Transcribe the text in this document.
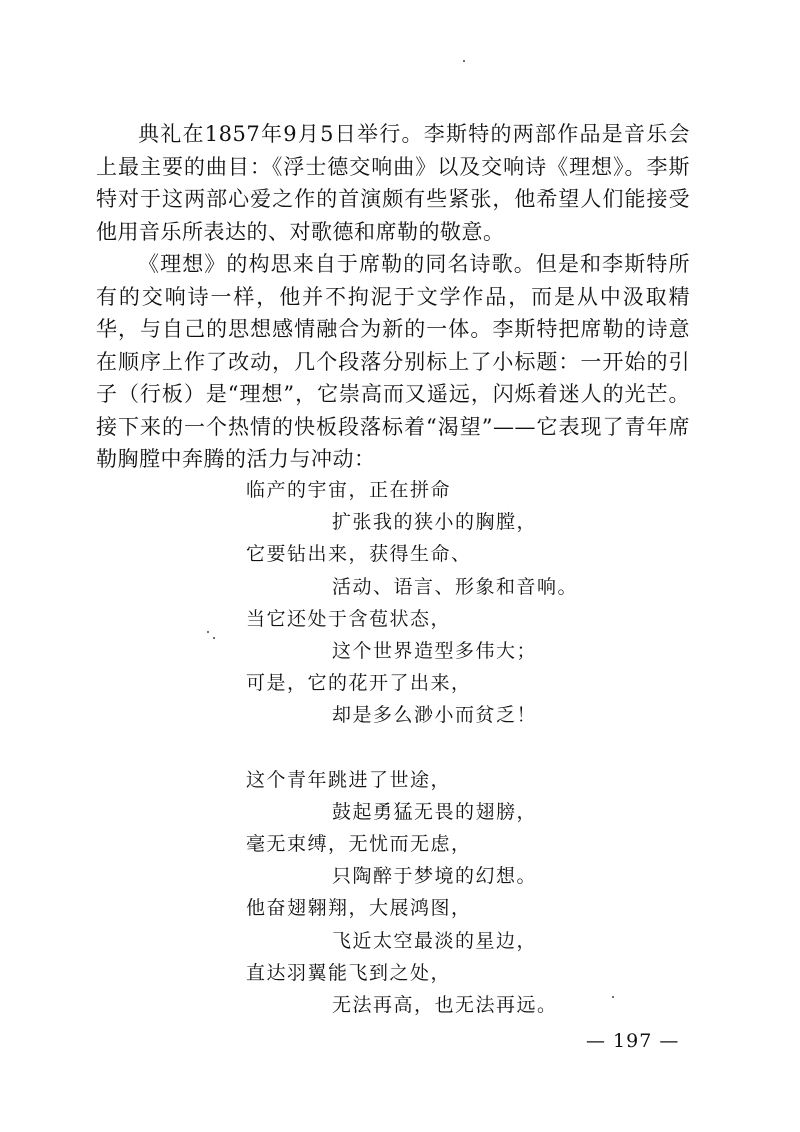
典礼在1857年9月5日举行。李斯特的两部作品是音乐会上最主要的曲目：《浮士德交响曲》以及交响诗《理想》。李斯特对于这两部心爱之作的首演颇有些紧张，他希望人们能接受他用音乐所表达的、对歌德和席勒的敬意。

《理想》的构思来自于席勒的同名诗歌。但是和李斯特所有的交响诗一样，他并不拘泥于文学作品，而是从中汲取精华，与自己的思想感情融合为新的一体。李斯特把席勒的诗意在顺序上作了改动，几个段落分别标上了小标题：一开始的引子（行板）是“理想”，它崇高而又遥远，闪烁着迷人的光芒。接下来的一个热情的快板段落标着“渴望”——它表现了青年席勒胸膛中奔腾的活力与冲动：

临产的宇宙，正在拼命
扩张我的狭小的胸膛，
它要钻出来，获得生命、
活动、语言、形象和音响。
当它还处于含苞状态，
这个世界造型多伟大；
可是，它的花开了出来，
却是多么渺小而贫乏！
这个青年跳进了世途，
鼓起勇猛无畏的翅膀，
毫无束缚，无忧而无虑，
只陶醉于梦境的幻想。
他奋翅翱翔，大展鸿图，
飞近太空最淡的星边，
直达羽翼能飞到之处，
无法再高，也无法再远。
— 197 —
